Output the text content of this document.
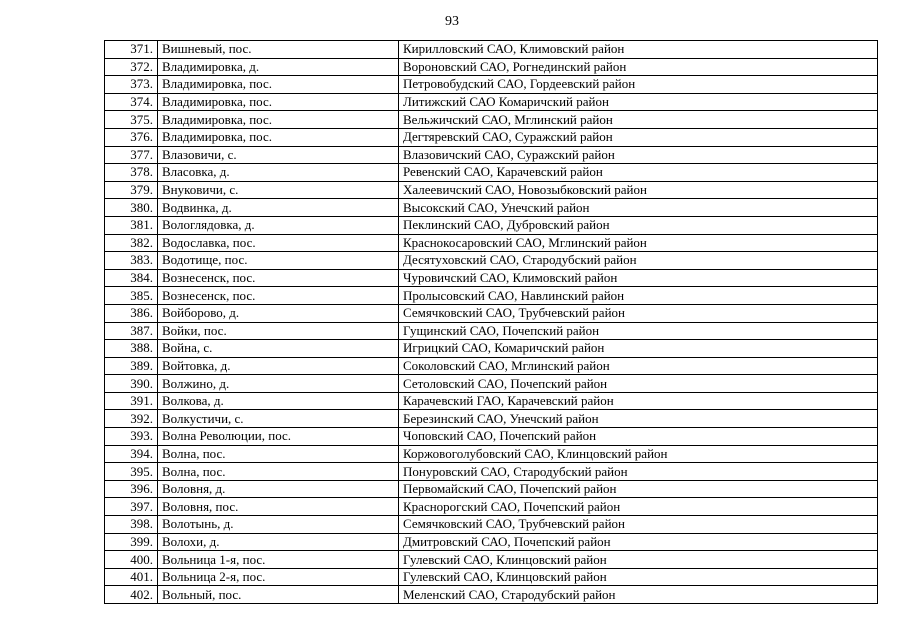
93
371.	Вишневый, пос.	Кирилловский САО, Климовский район
372.	Владимировка, д.	Вороновский САО, Рогнединский район
373.	Владимировка, пос.	Петровобудский САО, Гордеевский район
374.	Владимировка, пос.	Литижский САО Комаричский район
375.	Владимировка, пос.	Вельжичский САО, Мглинский район
376.	Владимировка, пос.	Дегтяревский САО, Суражский район
377.	Влазовичи, с.	Влазовичский САО, Суражский район
378.	Власовка, д.	Ревенский САО, Карачевский район
379.	Внуковичи, с.	Халеевичский САО, Новозыбковский район
380.	Водвинка, д.	Высокский САО, Унечский район
381.	Вологлядовка, д.	Пеклинский САО, Дубровский район
382.	Водославка, пос.	Краснокосаровский САО, Мглинский район
383.	Водотище, пос.	Десятуховский САО, Стародубский район
384.	Вознесенск, пос.	Чуровичский САО, Климовский район
385.	Вознесенск, пос.	Пролысовский САО, Навлинский район
386.	Войборово, д.	Семячковский САО, Трубчевский район
387.	Войки, пос.	Гущинский САО, Почепский район
388.	Война, с.	Игрицкий САО, Комаричский район
389.	Войтовка, д.	Соколовский САО, Мглинский район
390.	Волжино, д.	Сетоловский САО, Почепский район
391.	Волкова, д.	Карачевский ГАО, Карачевский район
392.	Волкустичи, с.	Березинский САО, Унечский район
393.	Волна Революции, пос.	Чоповский САО, Почепский район
394.	Волна, пос.	Коржовоголубовский САО, Клинцовский район
395.	Волна, пос.	Понуровский САО, Стародубский район
396.	Воловня, д.	Первомайский САО, Почепский район
397.	Воловня, пос.	Краснорогский САО, Почепский район
398.	Волотынь, д.	Семячковский САО, Трубчевский район
399.	Волохи, д.	Дмитровский САО, Почепский район
400.	Вольница 1-я, пос.	Гулевский САО, Клинцовский район
401.	Вольница 2-я, пос.	Гулевский САО, Клинцовский район
402.	Вольный, пос.	Меленский САО, Стародубский район
